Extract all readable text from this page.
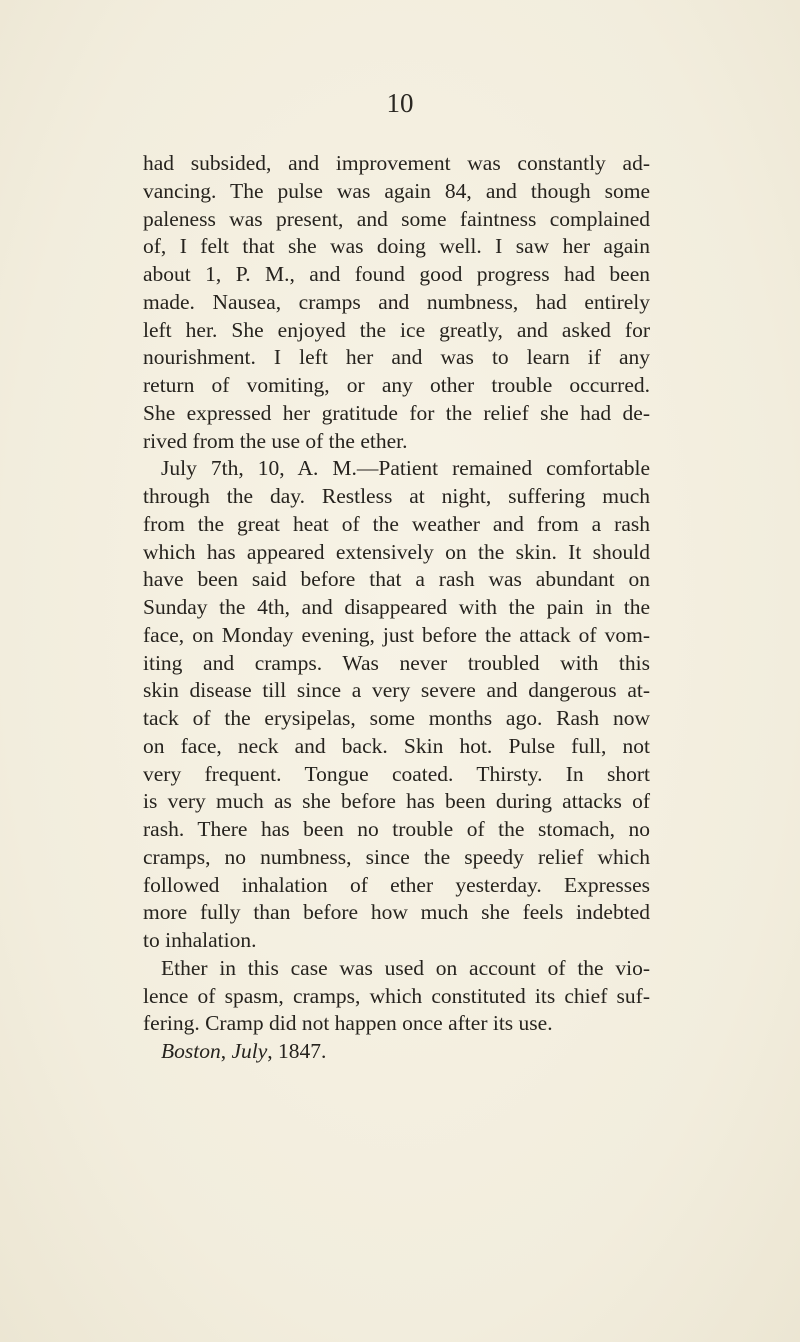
10
had subsided, and improvement was constantly ad-
vancing. The pulse was again 84, and though some
paleness was present, and some faintness complained
of, I felt that she was doing well. I saw her again
about 1, P. M., and found good progress had been
made. Nausea, cramps and numbness, had entirely
left her. She enjoyed the ice greatly, and asked for
nourishment. I left her and was to learn if any
return of vomiting, or any other trouble occurred.
She expressed her gratitude for the relief she had de-
rived from the use of the ether.
July 7th, 10, A. M.—Patient remained comfortable
through the day. Restless at night, suffering much
from the great heat of the weather and from a rash
which has appeared extensively on the skin. It should
have been said before that a rash was abundant on
Sunday the 4th, and disappeared with the pain in the
face, on Monday evening, just before the attack of vom-
iting and cramps. Was never troubled with this
skin disease till since a very severe and dangerous at-
tack of the erysipelas, some months ago. Rash now
on face, neck and back. Skin hot. Pulse full, not
very frequent. Tongue coated. Thirsty. In short
is very much as she before has been during attacks of
rash. There has been no trouble of the stomach, no
cramps, no numbness, since the speedy relief which
followed inhalation of ether yesterday. Expresses
more fully than before how much she feels indebted
to inhalation.
Ether in this case was used on account of the vio-
lence of spasm, cramps, which constituted its chief suf-
fering. Cramp did not happen once after its use.
Boston, July, 1847.
